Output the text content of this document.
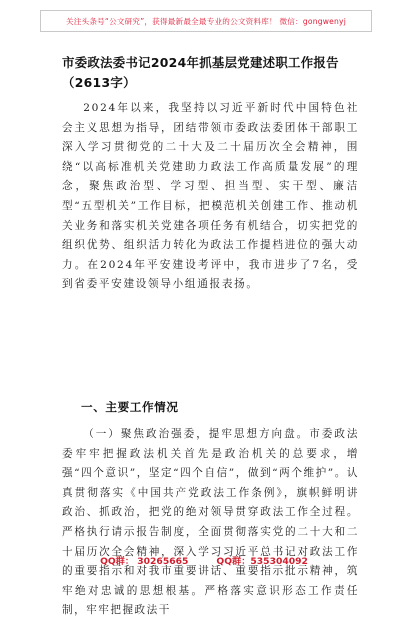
关注头条号“公文研究”，获得最新最全最专业的公文资料库！ 微信：gongwenyj
市委政法委书记2024年抓基层党建述职工作报告（2613字）

2024年以来，我坚持以习近平新时代中国特色社会主义思想为指导，团结带领市委政法委团体干部职工深入学习贯彻党的二十大及二十届历次全会精神，围绕“以高标准机关党建助力政法工作高质量发展”的理念，聚焦政治型、学习型、担当型、实干型、廉洁型“五型机关”工作目标，把模范机关创建工作、推动机关业务和落实机关党建各项任务有机结合，切实把党的组织优势、组织活力转化为政法工作提档进位的强大动力。在2024年平安建设考评中，我市进步了7名，受到省委平安建设领导小组通报表扬。

一、主要工作情况

（一）聚焦政治强委，提牢思想方向盘。市委政法委牢牢把握政法机关首先是政治机关的总要求，增强“四个意识”，坚定“四个自信”，做到“两个维护”。认真贯彻落实《中国共产党政法工作条例》，旗帜鲜明讲政治、抓政治，把党的绝对领导贯穿政法工作全过程。严格执行请示报告制度，全面贯彻落实党的二十大和二十届历次全会精神，深入学习习近平总书记对政法工作的重要指示和对我市重要讲话、重要指示批示精神，筑牢绝对忠诚的思想根基。严格落实意识形态工作责任制，牢牢把握政法干

QQ群： 30265665	QQ群：535304092
